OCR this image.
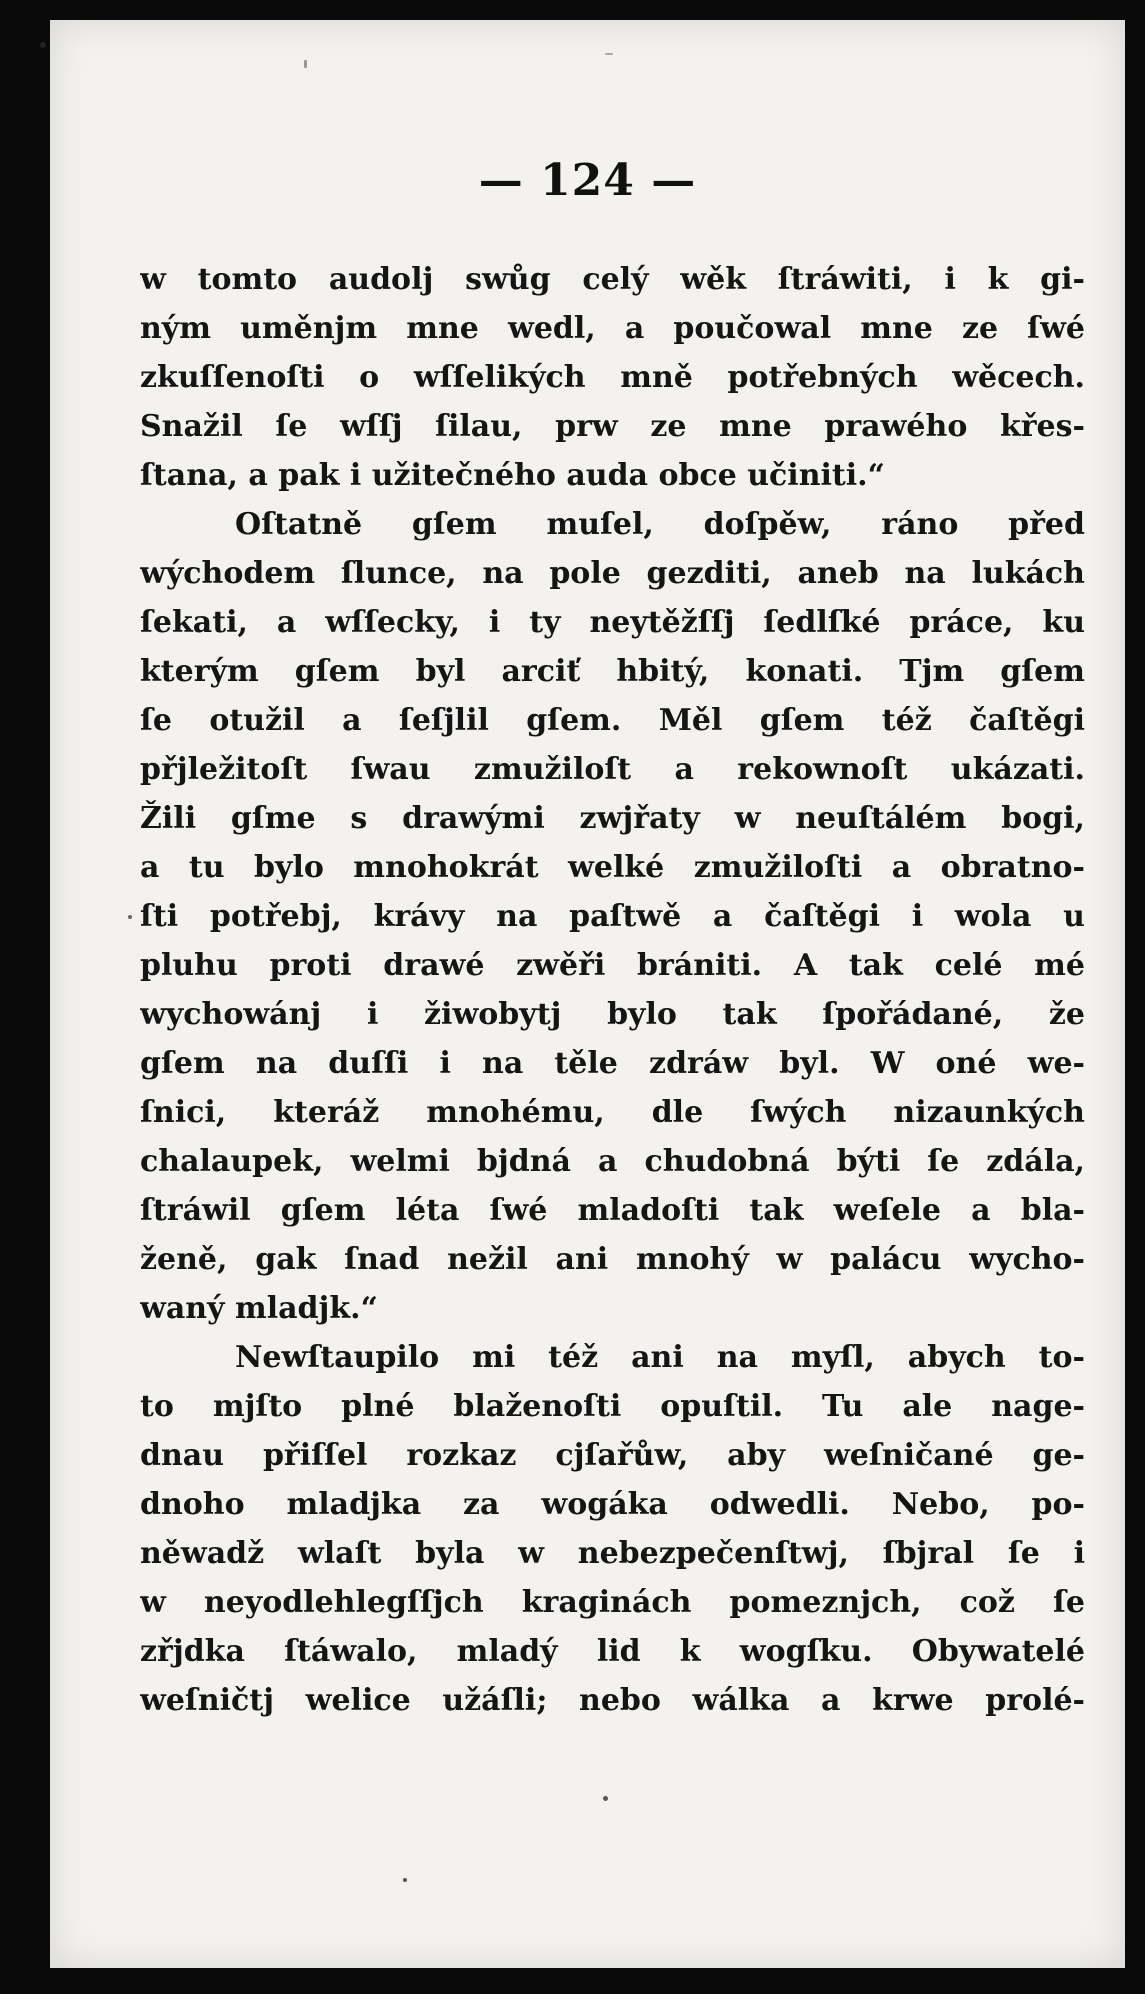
— 124 —
w tomto audolj swůg celý wěk ſtráwiti, i k gi-
ným uměnjm mne wedl, a poučowal mne ze ſwé
zkuſſenoſti o wſſelikých mně potřebných wěcech.
Snažil ſe wſſj ſilau, prw ze mne prawého křes-
ſtana, a pak i užitečného auda obce učiniti.“
Oſtatně gſem muſel, doſpěw, ráno před
wýchodem ſlunce, na pole gezditi, aneb na lukách
ſekati, a wſſecky, i ty neytěžſſj ſedlſké práce, ku
kterým gſem byl arciť hbitý, konati. Tjm gſem
ſe otužil a ſeſjlil gſem. Měl gſem též čaſtěgi
přjležitoſt ſwau zmužiloſt a rekownoſt ukázati.
Žili gſme s drawými zwjřaty w neuſtálém bogi,
a tu bylo mnohokrát welké zmužiloſti a obratno-
ſti potřebj, krávy na paſtwě a čaſtěgi i wola u
pluhu proti drawé zwěři brániti. A tak celé mé
wychowánj i žiwobytj bylo tak ſpořádané, že
gſem na duſſi i na těle zdráw byl. W oné we-
ſnici, kteráž mnohému, dle ſwých nizaunkých
chalaupek, welmi bjdná a chudobná býti ſe zdála,
ſtráwil gſem léta ſwé mladoſti tak weſele a bla-
ženě, gak ſnad nežil ani mnohý w palácu wycho-
waný mladjk.“
Newſtaupilo mi též ani na myſl, abych to-
to mjſto plné blaženoſti opuſtil. Tu ale nage-
dnau přiſſel rozkaz cjſařůw, aby weſničané ge-
dnoho mladjka za wogáka odwedli. Nebo, po-
něwadž wlaſt byla w nebezpečenſtwj, ſbjral ſe i
w neyodlehlegſſjch kraginách pomeznjch, což ſe
zřjdka ſtáwalo, mladý lid k wogſku. Obywatelé
weſničtj welice užáſli; nebo wálka a krwe prolé-
